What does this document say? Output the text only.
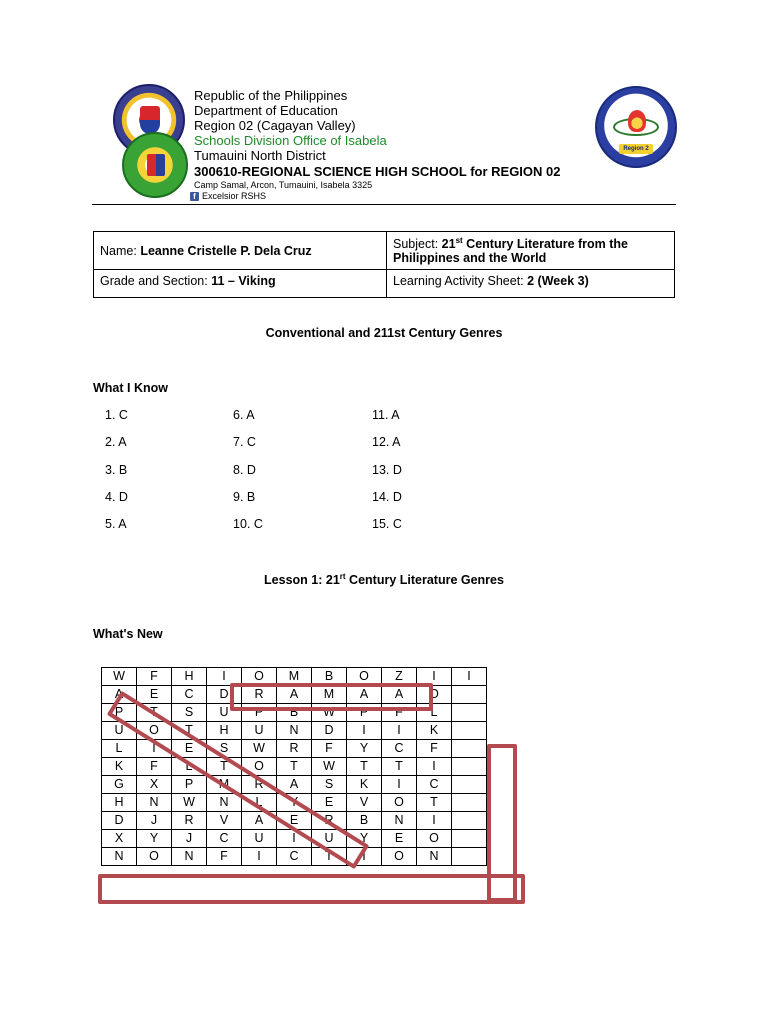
Region 2
Republic of the Philippines
Department of Education
Region 02 (Cagayan Valley)
Schools Division Office of Isabela
Tumauini North District
300610-REGIONAL SCIENCE HIGH SCHOOL for REGION 02
Camp Samal, Arcon, Tumauini, Isabela 3325
f Excelsior RSHS
Name: Leanne Cristelle P. Dela Cruz	Subject: 21st Century Literature from the Philippines and the World
Grade and Section: 11 – Viking	Learning Activity Sheet: 2 (Week 3)
Conventional and 211st Century Genres
What I Know
1. C
2. A
3. B
4. D
5. A
6. A
7. C
8. D
9. B
10. C
11. A
12. A
13. D
14. D
15. C
Lesson 1: $21^{rt}$ Century Literature Genres
What's New
W	F	H	I	O	M	B	O	Z	I	I
A	E	C	D	R	A	M	A	A	O	
P	T	S	U	P	B	W	P	F	L	
U	O	T	H	U	N	D	I	I	K	
L	I	E	S	W	R	F	Y	C	F	
K	F	L	T	O	T	W	T	T	I	
G	X	P	M	R	A	S	K	I	C	
H	N	W	N	L	Y	E	V	O	T	
D	J	R	V	A	E	R	B	N	I	
X	Y	J	C	U	I	U	Y	E	O	
N	O	N	F	I	C	T	I	O	N	
